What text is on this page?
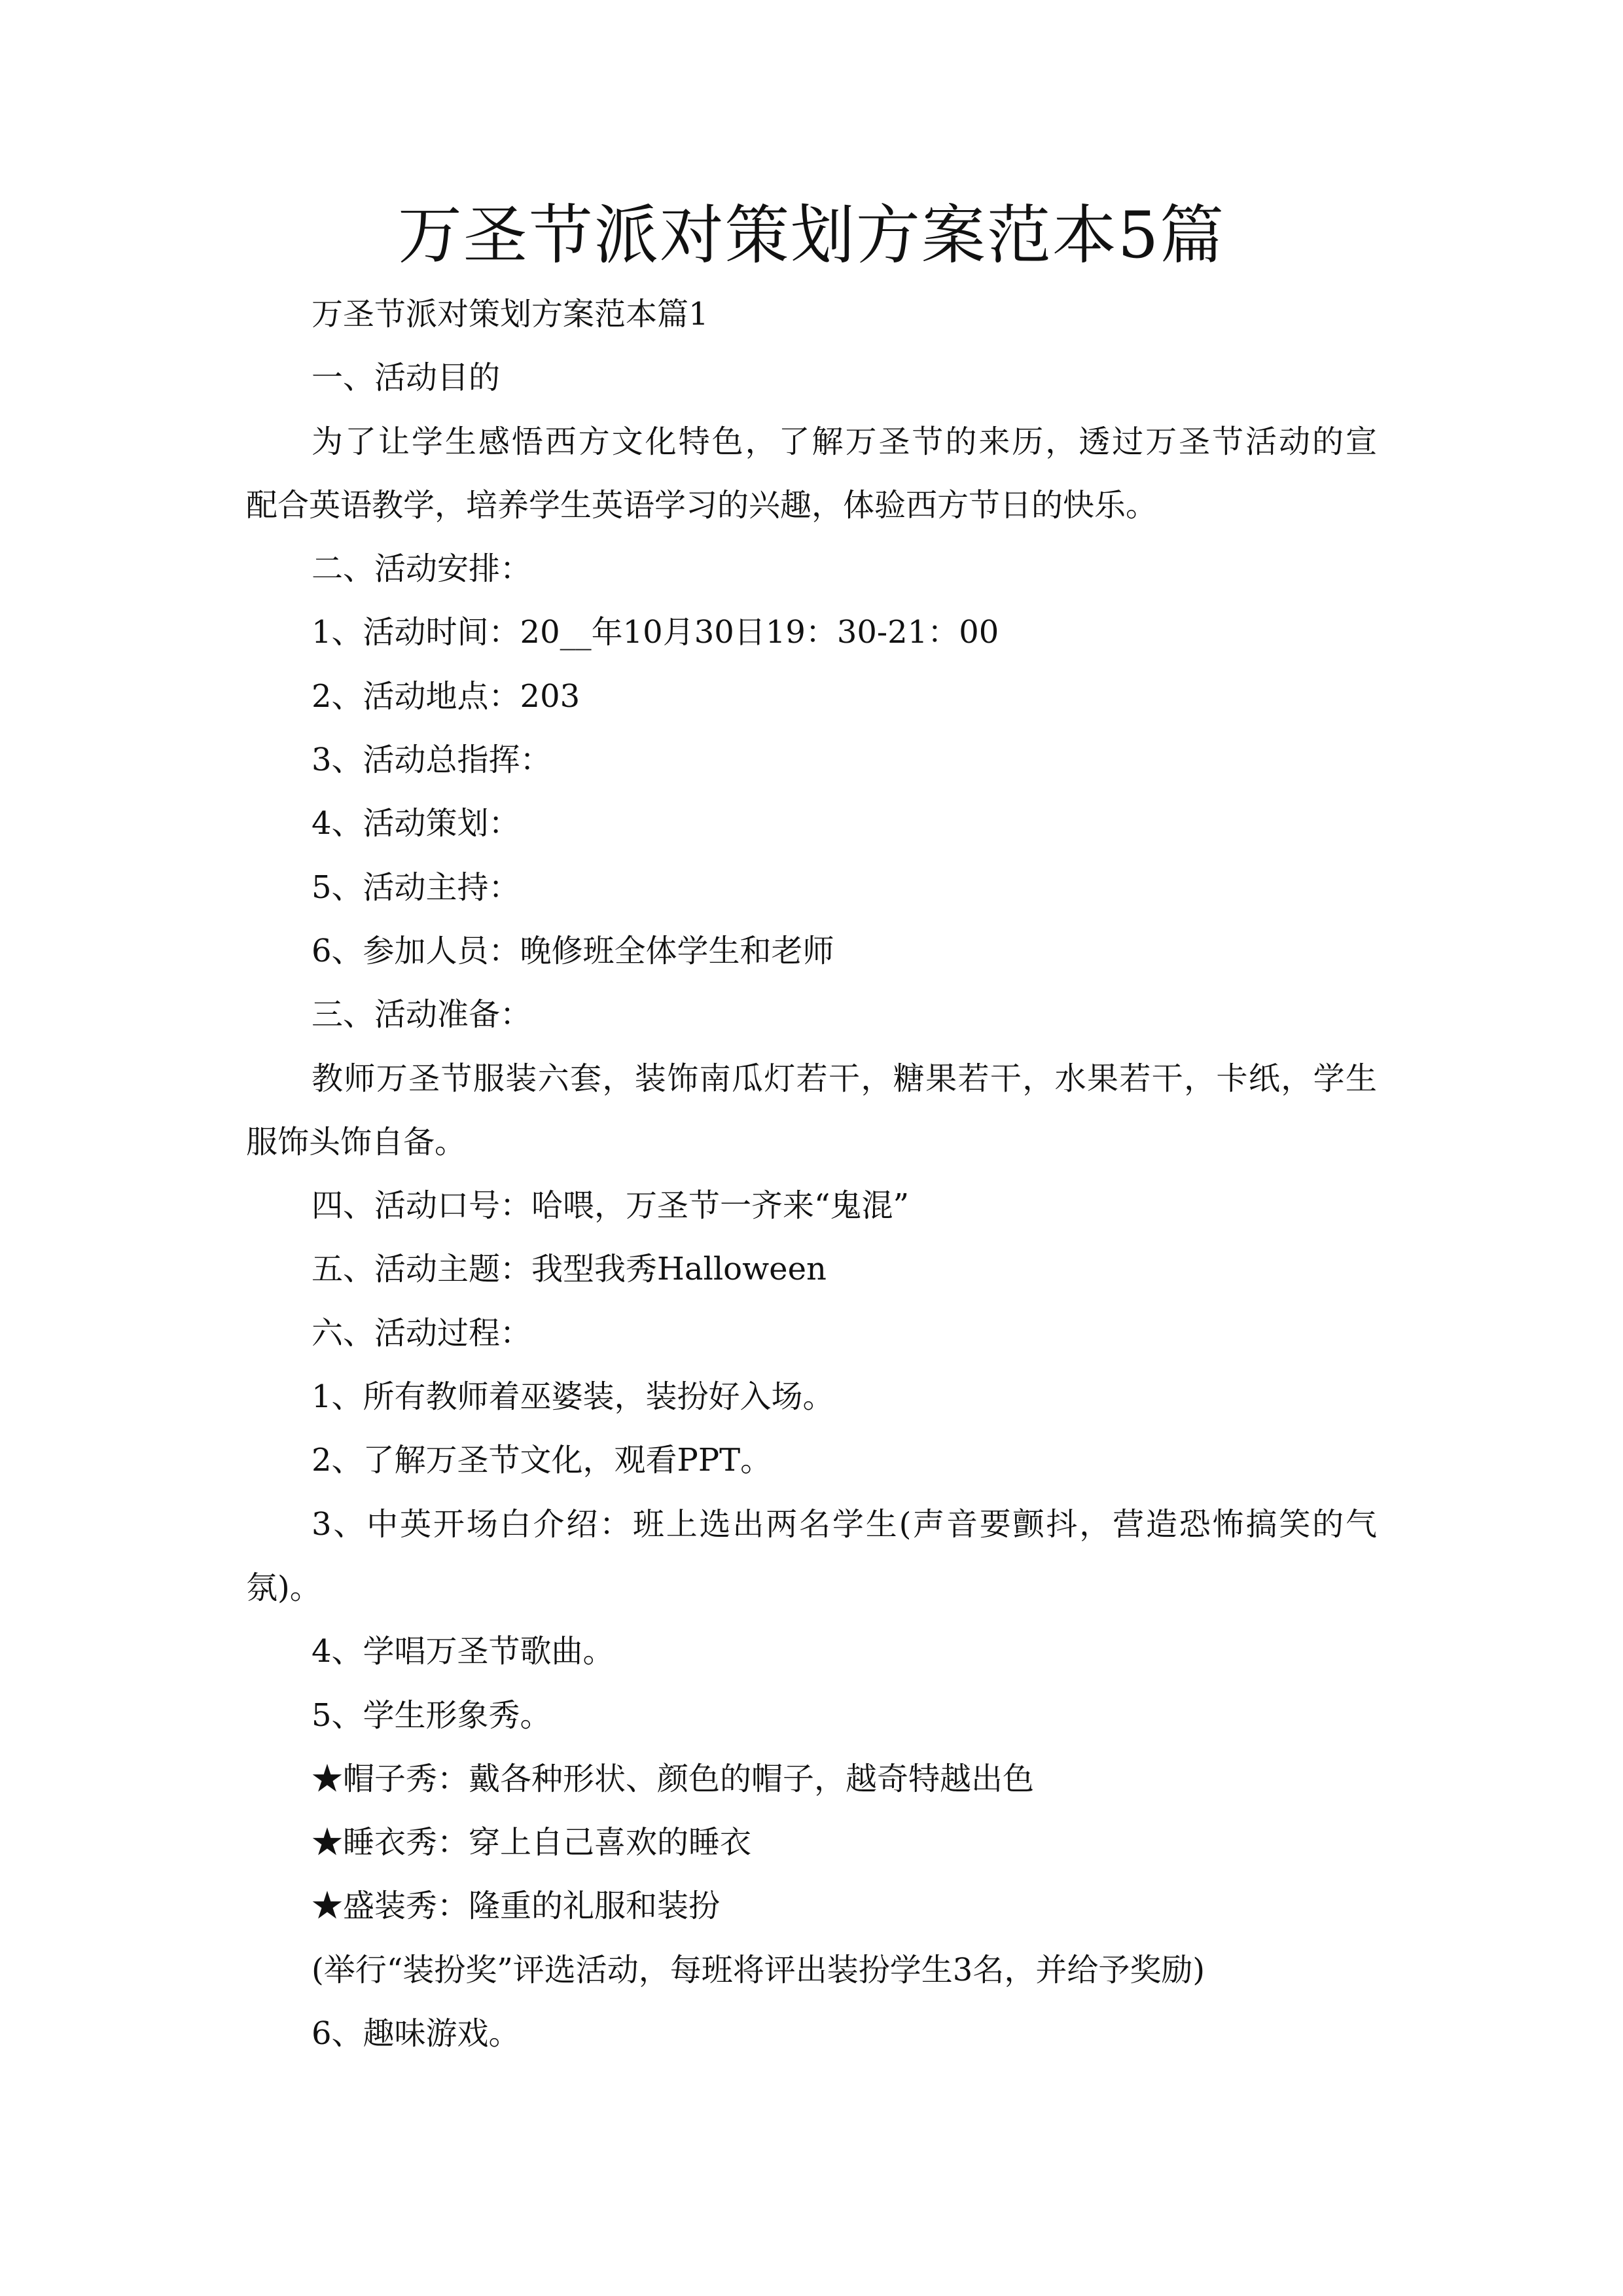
万圣节派对策划方案范本5篇
万圣节派对策划方案范本篇1
一、活动目的
为了让学生感悟西方文化特色，了解万圣节的来历，透过万圣节活动的宣
配合英语教学，培养学生英语学习的兴趣，体验西方节日的快乐。
二、活动安排：
1、活动时间：20__年10月30日19：30-21：00
2、活动地点：203
3、活动总指挥：
4、活动策划：
5、活动主持：
6、参加人员：晚修班全体学生和老师
三、活动准备：
教师万圣节服装六套，装饰南瓜灯若干，糖果若干，水果若干，卡纸，学生
服饰头饰自备。
四、活动口号：哈喂，万圣节一齐来“鬼混”
五、活动主题：我型我秀Halloween
六、活动过程：
1、所有教师着巫婆装，装扮好入场。
2、了解万圣节文化，观看PPT。
3、中英开场白介绍：班上选出两名学生(声音要颤抖，营造恐怖搞笑的气
氛)。
4、学唱万圣节歌曲。
5、学生形象秀。
★帽子秀：戴各种形状、颜色的帽子，越奇特越出色
★睡衣秀：穿上自己喜欢的睡衣
★盛装秀：隆重的礼服和装扮
(举行“装扮奖”评选活动，每班将评出装扮学生3名，并给予奖励)
6、趣味游戏。
